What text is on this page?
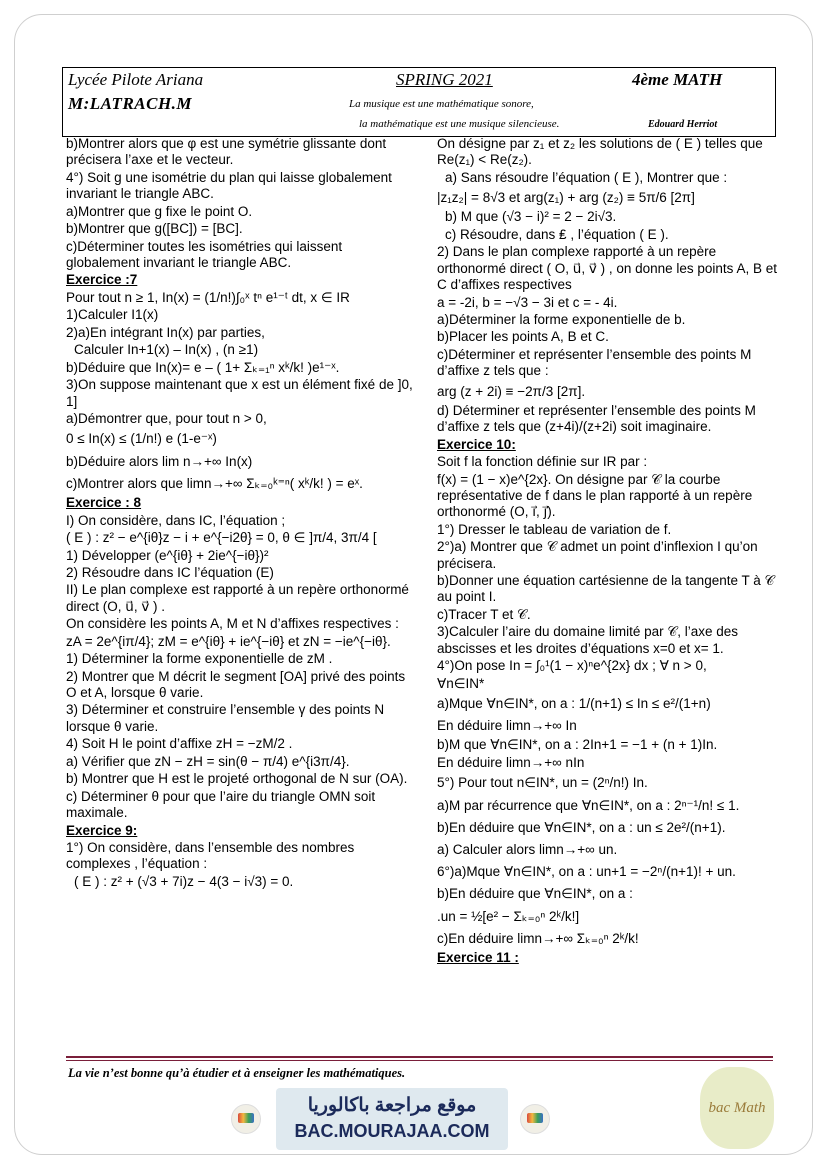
Lycée Pilote Ariana
M:LATRACH.M
SPRING 2021	4ème MATH
La musique est une mathématique sonore,
la mathématique est une musique silencieuse.	Edouard Herriot

b)Montrer alors que φ est une symétrie glissante dont précisera l’axe et le vecteur.

4°) Soit g une isométrie du plan qui laisse globalement invariant le triangle ABC.

a)Montrer que g fixe le point O.

b)Montrer que g([BC]) = [BC].

c)Déterminer toutes les isométries qui laissent globalement invariant le triangle ABC.

Exercice :7

Pour tout n ≥ 1, In(x) = (1/n!)∫₀ˣ tⁿ e¹⁻ᵗ dt, x ∈ IR

1)Calculer I1(x)

2)a)En intégrant In(x) par parties,

Calculer In+1(x) – In(x) , (n ≥1)

b)Déduire que In(x)= e – ( 1+ Σₖ₌₁ⁿ xᵏ/k! )e¹⁻ˣ.

3)On suppose maintenant que x est un élément fixé de ]0, 1]

a)Démontrer que, pour tout n > 0,

0 ≤ In(x) ≤ (1/n!) e (1-e⁻ˣ)

b)Déduire alors lim n→+∞ In(x)

c)Montrer alors que limn→+∞ Σₖ₌₀ᵏ⁼ⁿ( xᵏ/k! ) = eˣ.

Exercice : 8

I) On considère, dans IC, l’équation ;

( E ) : z² − e^{iθ}z − i + e^{−i2θ} = 0, θ ∈ ]π/4, 3π/4 [

1) Développer (e^{iθ} + 2ie^{−iθ})²

2) Résoudre dans IC l’équation (E)

II) Le plan complexe est rapporté à un repère orthonormé direct (O, u⃗, v⃗ ) .

On considère les points A, M et N d’affixes respectives :

zA = 2e^{iπ/4}; zM = e^{iθ} + ie^{−iθ} et zN = −ie^{−iθ}.

1) Déterminer la forme exponentielle de zM .

2) Montrer que M décrit le segment [OA] privé des points O et A, lorsque θ varie.

3) Déterminer et construire l’ensemble γ des points N lorsque θ varie.

4) Soit H le point d’affixe zH = −zM/2 .

a) Vérifier que zN − zH = sin(θ − π/4) e^{i3π/4}.

b) Montrer que H est le projeté orthogonal de N sur (OA).

c) Déterminer θ pour que l’aire du triangle OMN soit maximale.

Exercice 9:

1°) On considère, dans l’ensemble des nombres complexes , l’équation :

( E ) : z² + (√3 + 7i)z − 4(3 − i√3) = 0.

On désigne par z₁ et z₂ les solutions de ( E ) telles que Re(z₁) < Re(z₂).

a) Sans résoudre l’équation ( E ), Montrer que :

|z₁z₂| = 8√3 et arg(z₁) + arg (z₂) ≡ 5π/6 [2π]

b) M que (√3 − i)² = 2 − 2i√3.

c) Résoudre, dans ₤ , l’équation ( E ).

2) Dans le plan complexe rapporté à un repère orthonormé direct ( O, u⃗, v⃗ ) , on donne les points A, B et C d’affixes respectives

a = -2i, b = −√3 − 3i et c = - 4i.

a)Déterminer la forme exponentielle de b.

b)Placer les points A, B et C.

c)Déterminer et représenter l’ensemble des points M d’affixe z tels que :

arg (z + 2i) ≡ −2π/3 [2π].

d) Déterminer et représenter l’ensemble des points M d’affixe z tels que (z+4i)/(z+2i) soit imaginaire.

Exercice 10:

Soit f la fonction définie sur IR par :

f(x) = (1 − x)e^{2x}. On désigne par 𝒞 la courbe représentative de f dans le plan rapporté à un repère orthonormé (O, i⃗, j⃗).

1°) Dresser le tableau de variation de f.

2°)a) Montrer que 𝒞 admet un point d’inflexion I qu’on précisera.

b)Donner une équation cartésienne de la tangente T à 𝒞 au point I.

c)Tracer T et 𝒞.

3)Calculer l’aire du domaine limité par 𝒞, l’axe des abscisses et les droites d’équations x=0 et x= 1.

4°)On pose In = ∫₀¹(1 − x)ⁿe^{2x} dx ; ∀ n > 0,

∀n∈IN*

a)Mque ∀n∈IN*, on a : 1/(n+1) ≤ In ≤ e²/(1+n)

En déduire limn→+∞ In

b)M que ∀n∈IN*, on a : 2In+1 = −1 + (n + 1)In.

En déduire limn→+∞ nIn

5°) Pour tout n∈IN*, un = (2ⁿ/n!) In.

a)M par récurrence que ∀n∈IN*, on a : 2ⁿ⁻¹/n! ≤ 1.

b)En déduire que ∀n∈IN*, on a : un ≤ 2e²/(n+1).

a) Calculer alors limn→+∞ un.

6°)a)Mque ∀n∈IN*, on a : un+1 = −2ⁿ/(n+1)! + un.

b)En déduire que ∀n∈IN*, on a :

.un = ½[e² − Σₖ₌₀ⁿ 2ᵏ/k!]

c)En déduire limn→+∞ Σₖ₌₀ⁿ 2ᵏ/k!

Exercice 11 :

La vie n’est bonne qu’à étudier et à enseigner les mathématiques.
موقع مراجعة باكالوريا
BAC.MOURAJAA.COM
bac Math
